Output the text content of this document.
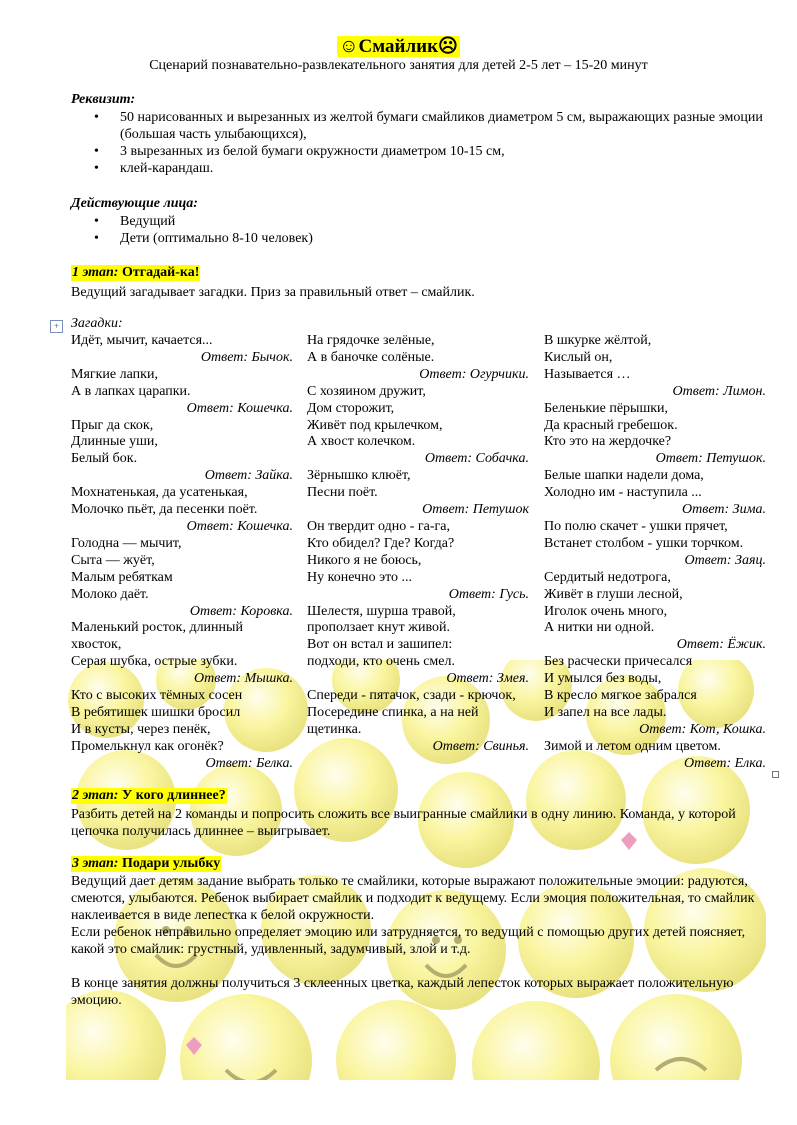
☺Смайлик☹
Сценарий познавательно-развлекательного занятия для детей 2-5 лет – 15-20 минут
Реквизит:
• 50 нарисованных и вырезанных из желтой бумаги смайликов диаметром 5 см, выражающих разные эмоции (большая часть улыбающихся),
• 3 вырезанных из белой бумаги окружности диаметром 10-15 см,
• клей-карандаш.
Действующие лица:
• Ведущий
• Дети (оптимально 8-10 человек)
1 этап: Отгадай-ка!
Ведущий загадывает загадки. Приз за правильный ответ – смайлик.
+ Загадки:
Идёт, мычит, качается...
Ответ: Бычок.
Мягкие лапки,
А в лапках царапки.
Ответ: Кошечка.
Прыг да скок,
Длинные уши,
Белый бок.
Ответ: Зайка.
Мохнатенькая, да усатенькая,
Молочко пьёт, да песенки поёт.
Ответ: Кошечка.
Голодна — мычит,
Сыта — жуёт,
Малым ребяткам
Молоко даёт.
Ответ: Коровка.
Маленький росток, длинный
хвосток,
Серая шубка, острые зубки.
Ответ: Мышка.
Кто с высоких тёмных сосен
В ребятишек шишки бросил
И в кусты, через пенёк,
Промелькнул как огонёк?
Ответ: Белка.
На грядочке зелёные,
А в баночке солёные.
Ответ: Огурчики.
С хозяином дружит,
Дом сторожит,
Живёт под крылечком,
А хвост колечком.
Ответ: Собачка.
Зёрнышко клюёт,
Песни поёт.
Ответ: Петушок
Он твердит одно - га-га,
Кто обидел? Где? Когда?
Никого я не боюсь,
Ну конечно это ...
Ответ: Гусь.
Шелестя, шурша травой,
проползает кнут живой.
Вот он встал и зашипел:
подходи, кто очень смел.
Ответ: Змея.
Спереди - пятачок, сзади - крючок,
Посередине спинка, а на ней
щетинка.
Ответ: Свинья.
В шкурке жёлтой,
Кислый он,
Называется …
Ответ: Лимон.
Беленькие пёрышки,
Да красный гребешок.
Кто это на жердочке?
Ответ: Петушок.
Белые шапки надели дома,
Холодно им - наступила ...
Ответ: Зима.
По полю скачет - ушки прячет,
Встанет столбом - ушки торчком.
Ответ: Заяц.
Сердитый недотрога,
Живёт в глуши лесной,
Иголок очень много,
А нитки ни одной.
Ответ: Ёжик.
Без расчески причесался
И умылся без воды,
В кресло мягкое забрался
И запел на все лады.
Ответ: Кот, Кошка.
Зимой и летом одним цветом.
Ответ: Елка.
2 этап: У кого длиннее?
Разбить детей на 2 команды и попросить сложить все выигранные смайлики в одну линию. Команда, у которой цепочка получилась длиннее – выигрывает.
3 этап: Подари улыбку
Ведущий дает детям задание выбрать только те смайлики, которые выражают положительные эмоции: радуются, смеются, улыбаются. Ребенок выбирает смайлик и подходит к ведущему. Если эмоция положительная, то смайлик наклеивается в виде лепестка к белой окружности.
Если ребенок неправильно определяет эмоцию или затрудняется, то ведущий с помощью других детей поясняет, какой это смайлик: грустный, удивленный, задумчивый, злой и т.д.
В конце занятия должны получиться 3 склеенных цветка, каждый лепесток которых выражает положительную эмоцию.
